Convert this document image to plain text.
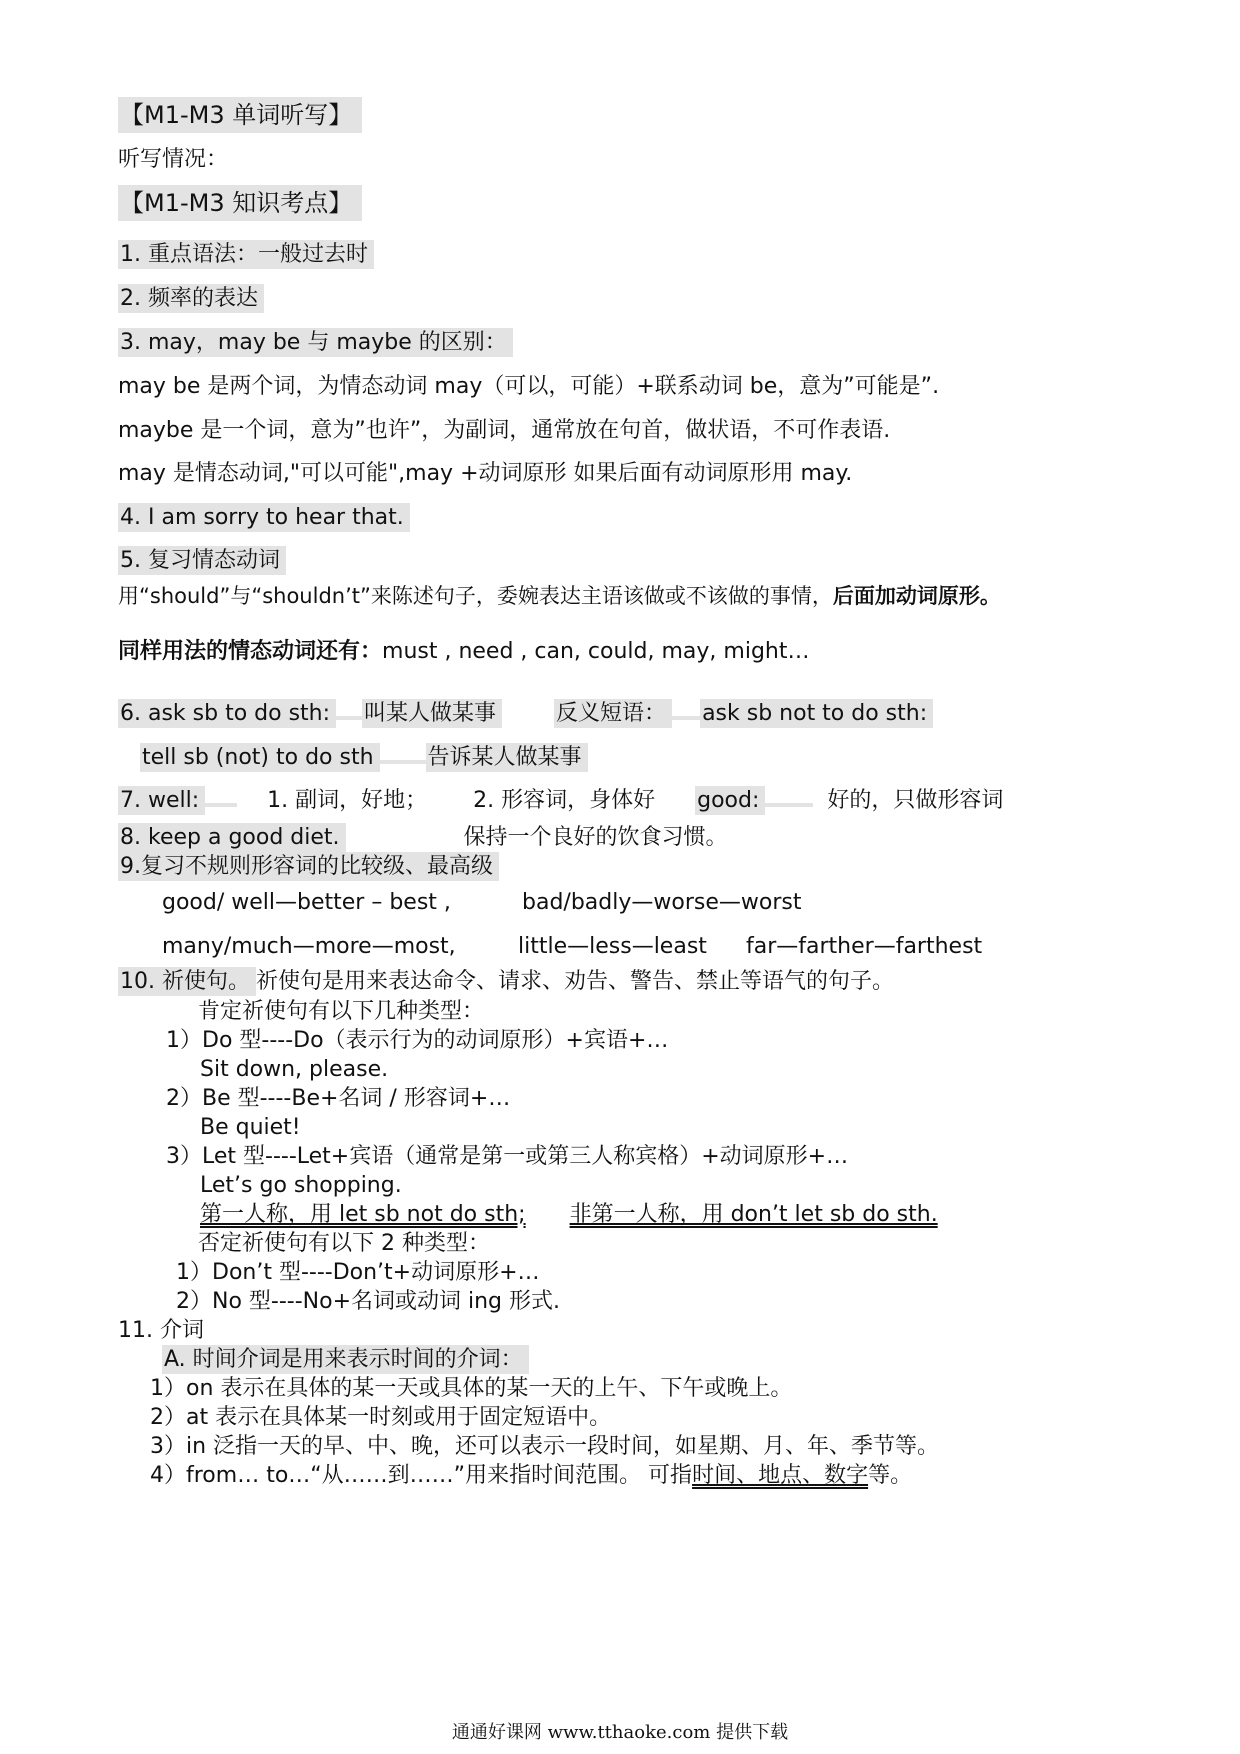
【M1-M3 单词听写】
听写情况：
【M1-M3 知识考点】
1. 重点语法：一般过去时
2. 频率的表达
3. may，may be 与 maybe 的区别：
may be 是两个词，为情态动词 may（可以，可能）+联系动词 be，意为”可能是”.
maybe 是一个词，意为”也许”，为副词，通常放在句首，做状语，不可作表语.
may 是情态动词,"可以可能",may +动词原形 如果后面有动词原形用 may.
4. I am sorry to hear that.
5. 复习情态动词
用“should”与“shouldn’t”来陈述句子，委婉表达主语该做或不该做的事情，后面加动词原形。
同样用法的情态动词还有：must , need , can, could, may, might…
6. ask sb to do sth: 叫某人做某事	反义短语： ask sb not to do sth:
tell sb (not) to do sth 告诉某人做某事
7. well:	1. 副词，好地； 2. 形容词，身体好 good:	好的，只做形容词
8. keep a good diet.	保持一个良好的饮食习惯。
9.复习不规则形容词的比较级、最高级
good/ well—better – best ,	bad/badly—worse—worst
many/much—more—most,	little—less—least far—farther—farthest
10. 祈使句。 祈使句是用来表达命令、请求、劝告、警告、禁止等语气的句子。
肯定祈使句有以下几种类型：
1）Do 型----Do（表示行为的动词原形）+宾语+…
Sit down, please.
2）Be 型----Be+名词 / 形容词+…
Be quiet!
3）Let 型----Let+宾语（通常是第一或第三人称宾格）+动词原形+…
Let’s go shopping.
第一人称，用 let sb not do sth; 非第一人称，用 don’t let sb do sth.
否定祈使句有以下 2 种类型：
1）Don’t 型----Don’t+动词原形+…
2）No 型----No+名词或动词 ing 形式.
11. 介词
A. 时间介词是用来表示时间的介词：
1）on 表示在具体的某一天或具体的某一天的上午、下午或晚上。
2）at 表示在具体某一时刻或用于固定短语中。
3）in 泛指一天的早、中、晚，还可以表示一段时间，如星期、月、年、季节等。
4）from… to…“从……到……”用来指时间范围。 可指时间、地点、数字等。
通通好课网 www.tthaoke.com 提供下载
